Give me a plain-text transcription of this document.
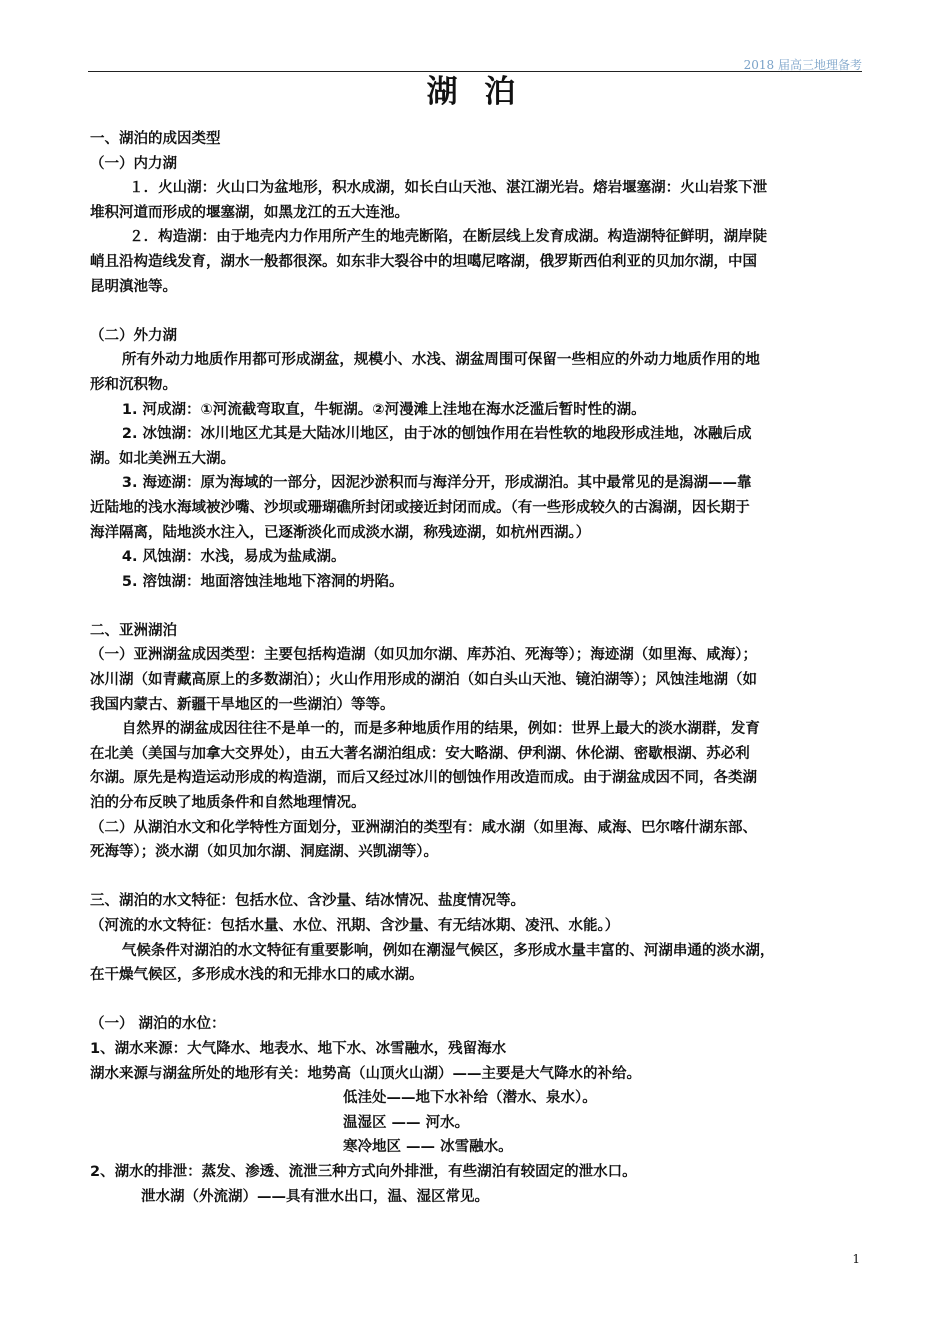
2018 届高三地理备考
湖 泊

一、湖泊的成因类型

（一）内力湖

１．火山湖：火山口为盆地形，积水成湖，如长白山天池、湛江湖光岩。熔岩堰塞湖：火山岩浆下泄

堆积河道而形成的堰塞湖，如黑龙江的五大连池。

２．构造湖：由于地壳内力作用所产生的地壳断陷，在断层线上发育成湖。构造湖特征鲜明，湖岸陡

峭且沿构造线发育，湖水一般都很深。如东非大裂谷中的坦噶尼喀湖，俄罗斯西伯利亚的贝加尔湖，中国

昆明滇池等。

（二）外力湖

所有外动力地质作用都可形成湖盆，规模小、水浅、湖盆周围可保留一些相应的外动力地质作用的地

形和沉积物。

1. 河成湖：①河流截弯取直，牛轭湖。②河漫滩上洼地在海水泛滥后暂时性的湖。

2. 冰蚀湖：冰川地区尤其是大陆冰川地区，由于冰的刨蚀作用在岩性软的地段形成洼地，冰融后成

湖。如北美洲五大湖。

3. 海迹湖：原为海域的一部分，因泥沙淤积而与海洋分开，形成湖泊。其中最常见的是潟湖——靠

近陆地的浅水海域被沙嘴、沙坝或珊瑚礁所封闭或接近封闭而成。（有一些形成较久的古潟湖，因长期于

海洋隔离，陆地淡水注入，已逐渐淡化而成淡水湖，称残迹湖，如杭州西湖。）

4. 风蚀湖：水浅，易成为盐咸湖。

5. 溶蚀湖：地面溶蚀洼地地下溶洞的坍陷。

二、亚洲湖泊

（一）亚洲湖盆成因类型：主要包括构造湖（如贝加尔湖、库苏泊、死海等）；海迹湖（如里海、咸海）；

冰川湖（如青藏高原上的多数湖泊）；火山作用形成的湖泊（如白头山天池、镜泊湖等）；风蚀洼地湖（如

我国内蒙古、新疆干旱地区的一些湖泊）等等。

自然界的湖盆成因往往不是单一的，而是多种地质作用的结果，例如：世界上最大的淡水湖群，发育

在北美（美国与加拿大交界处），由五大著名湖泊组成：安大略湖、伊利湖、休伦湖、密歇根湖、苏必利

尔湖。原先是构造运动形成的构造湖，而后又经过冰川的刨蚀作用改造而成。由于湖盆成因不同，各类湖

泊的分布反映了地质条件和自然地理情况。

（二）从湖泊水文和化学特性方面划分，亚洲湖泊的类型有：咸水湖（如里海、咸海、巴尔喀什湖东部、

死海等）；淡水湖（如贝加尔湖、洞庭湖、兴凯湖等）。

三、湖泊的水文特征：包括水位、含沙量、结冰情况、盐度情况等。

（河流的水文特征：包括水量、水位、汛期、含沙量、有无结冰期、凌汛、水能。）

气候条件对湖泊的水文特征有重要影响，例如在潮湿气候区，多形成水量丰富的、河湖串通的淡水湖，

在干燥气候区，多形成水浅的和无排水口的咸水湖。

（一） 湖泊的水位：

1、湖水来源：大气降水、地表水、地下水、冰雪融水，残留海水

湖水来源与湖盆所处的地形有关：地势高（山顶火山湖）——主要是大气降水的补给。

低洼处——地下水补给（潜水、泉水）。

温湿区 —— 河水。

寒冷地区 —— 冰雪融水。

2、湖水的排泄：蒸发、渗透、流泄三种方式向外排泄，有些湖泊有较固定的泄水口。

泄水湖（外流湖）——具有泄水出口，温、湿区常见。

1
